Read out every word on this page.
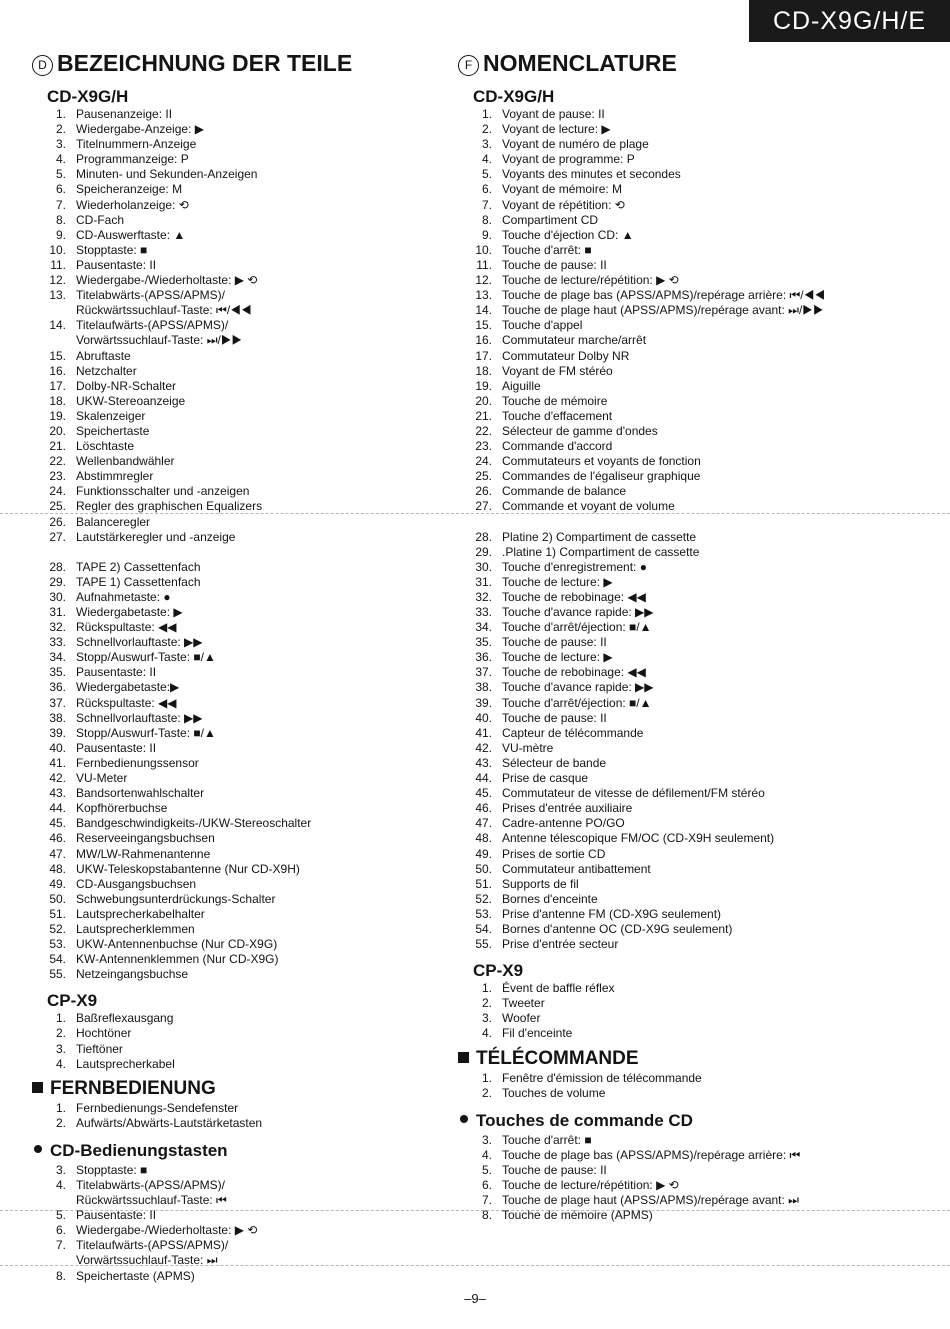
CD-X9G/H/E
D BEZEICHNUNG DER TEILE
CD-X9G/H
1. Pausenanzeige: II
2. Wiedergabe-Anzeige: ▶
3. Titelnummern-Anzeige
4. Programmanzeige: P
5. Minuten- und Sekunden-Anzeigen
6. Speicheranzeige: M
7. Wiederholanzeige: ⟲
8. CD-Fach
9. CD-Auswerftaste: ▲
10. Stopptaste: ■
11. Pausentaste: II
12. Wiedergabe-/Wiederholtaste: ▶ ⟲
13. Titelabwärts-(APSS/APMS)/
Rückwärtssuchlauf-Taste: ⏮/◀◀
14. Titelaufwärts-(APSS/APMS)/
Vorwärtssuchlauf-Taste: ⏭/▶▶
15. Abruftaste
16. Netzchalter
17. Dolby-NR-Schalter
18. UKW-Stereoanzeige
19. Skalenzeiger
20. Speichertaste
21. Löschtaste
22. Wellenbandwähler
23. Abstimmregler
24. Funktionsschalter und -anzeigen
25. Regler des graphischen Equalizers
26. Balanceregler
27. Lautstärkeregler und -anzeige
28. TAPE 2) Cassettenfach
29. TAPE 1) Cassettenfach
30. Aufnahmetaste: ●
31. Wiedergabetaste: ▶
32. Rückspultaste: ◀◀
33. Schnellvorlauftaste: ▶▶
34. Stopp/Auswurf-Taste: ■/▲
35. Pausentaste: II
36. Wiedergabetaste:▶
37. Rückspultaste: ◀◀
38. Schnellvorlauftaste: ▶▶
39. Stopp/Auswurf-Taste: ■/▲
40. Pausentaste: II
41. Fernbedienungssensor
42. VU-Meter
43. Bandsortenwahlschalter
44. Kopfhörerbuchse
45. Bandgeschwindigkeits-/UKW-Stereoschalter
46. Reserveeingangsbuchsen
47. MW/LW-Rahmenantenne
48. UKW-Teleskopstabantenne (Nur CD-X9H)
49. CD-Ausgangsbuchsen
50. Schwebungsunterdrückungs-Schalter
51. Lautsprecherkabelhalter
52. Lautsprecherklemmen
53. UKW-Antennenbuchse (Nur CD-X9G)
54. KW-Antennenklemmen (Nur CD-X9G)
55. Netzeingangsbuchse
CP-X9
1. Baßreflexausgang
2. Hochtöner
3. Tieftöner
4. Lautsprecherkabel
FERNBEDIENUNG
1. Fernbedienungs-Sendefenster
2. Aufwärts/Abwärts-Lautstärketasten
CD-Bedienungstasten
3. Stopptaste: ■
4. Titelabwärts-(APSS/APMS)/
Rückwärtssuchlauf-Taste: ⏮
5. Pausentaste: II
6. Wiedergabe-/Wiederholtaste: ▶ ⟲
7. Titelaufwärts-(APSS/APMS)/
Vorwärtssuchlauf-Taste: ⏭
8. Speichertaste (APMS)
F NOMENCLATURE
CD-X9G/H
1. Voyant de pause: II
2. Voyant de lecture: ▶
3. Voyant de numéro de plage
4. Voyant de programme: P
5. Voyants des minutes et secondes
6. Voyant de mémoire: M
7. Voyant de répétition: ⟲
8. Compartiment CD
9. Touche d'éjection CD: ▲
10. Touche d'arrêt: ■
11. Touche de pause: II
12. Touche de lecture/répétition: ▶ ⟲
13. Touche de plage bas (APSS/APMS)/repérage arrière: ⏮/◀◀
14. Touche de plage haut (APSS/APMS)/repérage avant: ⏭/▶▶
15. Touche d'appel
16. Commutateur marche/arrêt
17. Commutateur Dolby NR
18. Voyant de FM stéréo
19. Aiguille
20. Touche de mémoire
21. Touche d'effacement
22. Sélecteur de gamme d'ondes
23. Commande d'accord
24. Commutateurs et voyants de fonction
25. Commandes de l'égaliseur graphique
26. Commande de balance
27. Commande et voyant de volume
28. Platine 2) Compartiment de cassette
29. .Platine 1) Compartiment de cassette
30. Touche d'enregistrement: ●
31. Touche de lecture: ▶
32. Touche de rebobinage: ◀◀
33. Touche d'avance rapide: ▶▶
34. Touche d'arrêt/éjection: ■/▲
35. Touche de pause: II
36. Touche de lecture: ▶
37. Touche de rebobinage: ◀◀
38. Touche d'avance rapide: ▶▶
39. Touche d'arrêt/éjection: ■/▲
40. Touche de pause: II
41. Capteur de télécommande
42. VU-mètre
43. Sélecteur de bande
44. Prise de casque
45. Commutateur de vitesse de défilement/FM stéréo
46. Prises d'entrée auxiliaire
47. Cadre-antenne PO/GO
48. Antenne télescopique FM/OC (CD-X9H seulement)
49. Prises de sortie CD
50. Commutateur antibattement
51. Supports de fil
52. Bornes d'enceinte
53. Prise d'antenne FM (CD-X9G seulement)
54. Bornes d'antenne OC (CD-X9G seulement)
55. Prise d'entrée secteur
CP-X9
1. Évent de baffle réflex
2. Tweeter
3. Woofer
4. Fil d'enceinte
TÉLÉCOMMANDE
1. Fenêtre d'émission de télécommande
2. Touches de volume
Touches de commande CD
3. Touche d'arrêt: ■
4. Touche de plage bas (APSS/APMS)/repérage arrière: ⏮
5. Touche de pause: II
6. Touche de lecture/répétition: ▶ ⟲
7. Touche de plage haut (APSS/APMS)/repérage avant: ⏭
8. Touche de mémoire (APMS)
–9–
